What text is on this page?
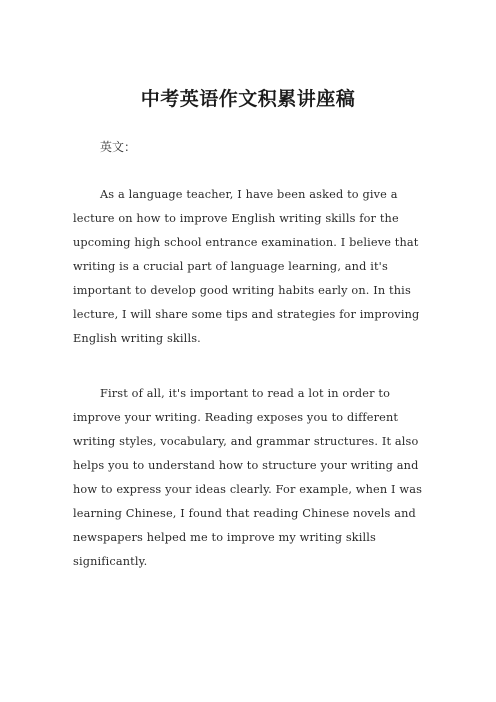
中考英语作文积累讲座稿

英文：

As a language teacher, I have been asked to give a lecture on how to improve English writing skills for the upcoming high school entrance examination. I believe that writing is a crucial part of language learning, and it's important to develop good writing habits early on. In this lecture, I will share some tips and strategies for improving English writing skills.

First of all, it's important to read a lot in order to improve your writing. Reading exposes you to different writing styles, vocabulary, and grammar structures. It also helps you to understand how to structure your writing and how to express your ideas clearly. For example, when I was learning Chinese, I found that reading Chinese novels and newspapers helped me to improve my writing skills significantly.
